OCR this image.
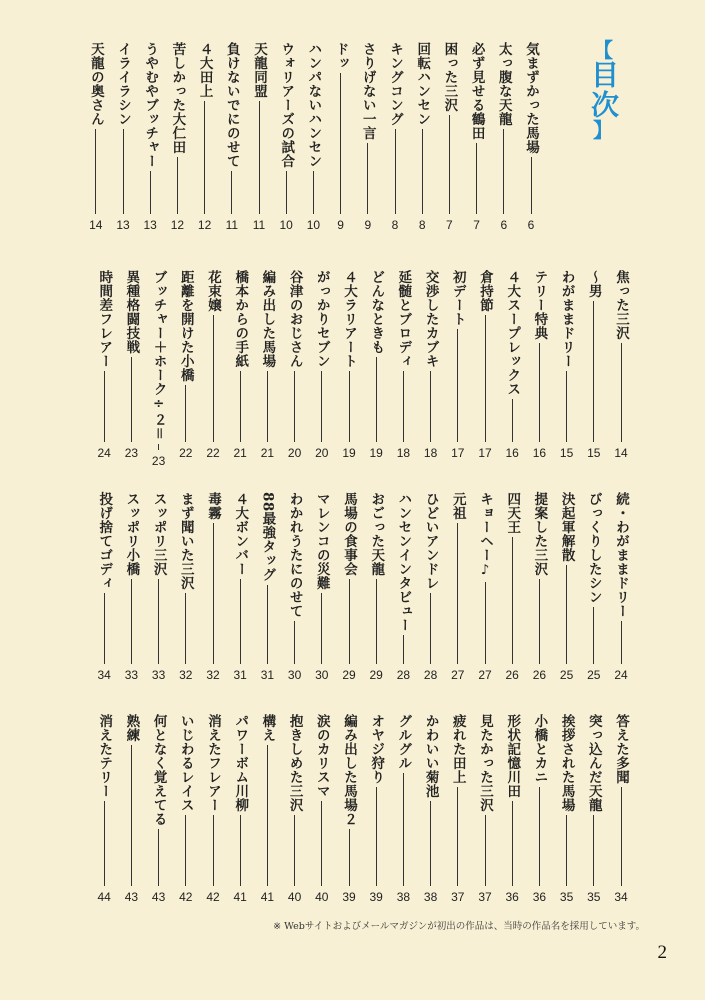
【
目次
】
気まずかった馬場
6
太っ腹な天龍
6
必ず見せる鶴田
7
困った三沢
7
回転ハンセン
8
キングコング
8
さりげない一言
9
ドッ
9
ハンパないハンセン
10
ウォリアーズの試合
10
天龍同盟
11
負けないでにのせて
11
４大田上
12
苦しかった大仁田
12
うやむやブッチャー
13
イライラシン
13
天龍の奥さん
14
焦った三沢
14
〜男
15
わがままドリー
15
テリー特典
16
４大スープレックス
16
倉持節
17
初デート
17
交渉したカブキ
18
延髄とブロディ
18
どんなときも
19
４大ラリアート
19
がっかりセブン
20
谷津のおじさん
20
編み出した馬場
21
橋本からの手紙
21
花束嬢
22
距離を開けた小橋
22
ブッチャー＋ホーク÷２＝
23
異種格闘技戦
23
時間差フレアー
24
続・わがままドリー
24
びっくりしたシン
25
決起軍解散
25
提案した三沢
26
四天王
26
キョーヘー♪
27
元祖
27
ひどいアンドレ
28
ハンセンインタビュー
28
おごった天龍
29
馬場の食事会
29
マレンコの災難
30
わかれうたにのせて
30
88最強タッグ
31
４大ボンバー
31
毒霧
32
まず聞いた三沢
32
スッポリ三沢
33
スッポリ小橋
33
投げ捨てゴディ
34
答えた多聞
34
突っ込んだ天龍
35
挨拶された馬場
35
小橋とカニ
36
形状記憶川田
36
見たかった三沢
37
疲れた田上
37
かわいい菊池
38
グルグル
38
オヤジ狩り
39
編み出した馬場２
39
涙のカリスマ
40
抱きしめた三沢
40
構え
41
パワーボム川柳
41
消えたフレアー
42
いじわるレイス
42
何となく覚えてる
43
熟練
43
消えたテリー
44
※ Webサイトおよびメールマガジンが初出の作品は、当時の作品名を採用しています。
2
